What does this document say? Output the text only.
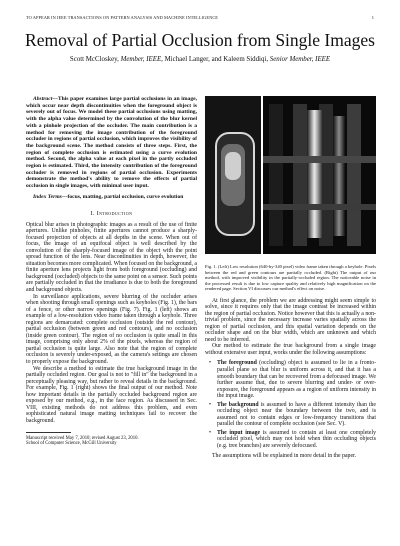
TO APPEAR IN IEEE TRANSACTIONS ON PATTERN ANALYSIS AND MACHINE INTELLIGENCE	1
Removal of Partial Occlusion from Single Images
Scott McCloskey, Member, IEEE, Michael Langer, and Kaleem Siddiqi, Senior Member, IEEE

Abstract—This paper examines large partial occlusions in an image, which occur near depth discontinuities when the foreground object is severely out of focus. We model these partial occlusions using matting, with the alpha value determined by the convolution of the blur kernel with a pinhole projection of the occluder. The main contribution is a method for removing the image contribution of the foreground occluder in regions of partial occlusion, which improves the visibility of the background scene. The method consists of three steps. First, the region of complete occlusion is estimated using a curve evolution method. Second, the alpha value at each pixel in the partly occluded region is estimated. Third, the intensity contribution of the foreground occluder is removed in regions of partial occlusion. Experiments demonstrate the method's ability to remove the effects of partial occlusion in single images, with minimal user input.

Index Terms—focus, matting, partial occlusion, curve evolution

I. Introduction

Optical blur arises in photographic images as a result of the use of finite apertures. Unlike pinholes, finite apertures cannot produce a sharply-focused projection of objects at all depths in the scene. When out of focus, the image of an equifocal object is well described by the convolution of the sharply-focused image of the object with the point spread function of the lens. Near discontinuities in depth, however, the situation becomes more complicated. When focused on the background, a finite aperture lens projects light from both foreground (occluding) and background (occluded) objects to the same point on a sensor. Such points are partially occluded in that the irradiance is due to both the foreground and background objects.

In surveillance applications, severe blurring of the occluder arises when shooting through small openings such as keyholes (Fig. 1), the bars of a fence, or other narrow openings (Fig. 7). Fig. 1 (left) shows an example of a low-resolution video frame taken through a keyhole. Three regions are demarcated: complete occlusion (outside the red contour), partial occlusion (between green and red contours), and no occlusion (inside green contour). The region of no occlusion is quite small in this image, comprising only about 2% of the pixels, whereas the region of partial occlusion is quite large. Also note that the region of complete occlusion is severely under-exposed, as the camera's settings are chosen to properly expose the background.

We describe a method to estimate the true background image in the partially occluded region. Our goal is not to "fill in" the background in a perceptually pleasing way, but rather to reveal details in the background. For example, Fig. 1 (right) shows the final output of our method. Note how important details in the partially occluded background region are exposed by our method, e.g., in the face region. As discussed in Sec. VIII, existing methods do not address this problem, and even sophisticated natural image matting techniques fail to recover the background.

Manuscript received May 7, 2010; revised August 23, 2010.
School of Computer Science, McGill University

Fig. 1. (Left) Low resolution (640-by-340 pixel) video frame taken through a keyhole. Pixels between the red and green contours are partially occluded. (Right) The output of our method, with improved visibility in the partially-occluded region. The noticeable noise in the processed result is due to low capture quality and relatively high magnification on the rendered page. Section VI discusses our method's effect on noise.

At first glance, the problem we are addressing might seem simple to solve, since it requires only that the image contrast be increased within the region of partial occlusion. Notice however that this is actually a non-trivial problem, since the necessary increase varies spatially across the region of partial occlusion, and this spatial variation depends on the occluder shape and on the blur width, which are unknown and which need to be inferred.

Our method to estimate the true background from a single image without extensive user input, works under the following assumptions:

• The foreground (occluding) object is assumed to lie in a fronto-parallel plane so that blur is uniform across it, and that it has a smooth boundary that can be recovered from a defocused image. We further assume that, due to severe blurring and under- or over-exposure, the foreground appears as a region of uniform intensity in the input image.
• The background is assumed to have a different intensity than the occluding object near the boundary between the two, and is assumed not to contain edges or low-frequency transitions that parallel the contour of complete occlusion (see Sec. V).
• The input image is assumed to contain at least one completely occluded pixel, which may not hold when thin occluding objects (e.g. tree branches) are severely defocused.

The assumptions will be explained in more detail in the paper.
